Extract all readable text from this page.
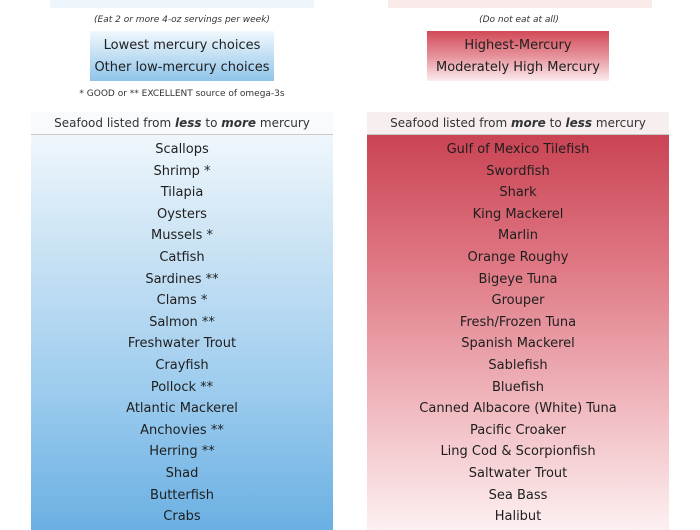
(Eat 2 or more 4-oz servings per week)	(Do not eat at all)
Lowest mercury choices
Other low-mercury choices
Highest-Mercury
Moderately High Mercury
* GOOD or ** EXCELLENT source of omega-3s
Seafood listed from less to more mercury
Scallops
Shrimp *
Tilapia
Oysters
Mussels *
Catfish
Sardines **
Clams *
Salmon **
Freshwater Trout
Crayfish
Pollock **
Atlantic Mackerel
Anchovies **
Herring **
Shad
Butterfish
Crabs
Seafood listed from more to less mercury
Gulf of Mexico Tilefish
Swordfish
Shark
King Mackerel
Marlin
Orange Roughy
Bigeye Tuna
Grouper
Fresh/Frozen Tuna
Spanish Mackerel
Sablefish
Bluefish
Canned Albacore (White) Tuna
Pacific Croaker
Ling Cod & Scorpionfish
Saltwater Trout
Sea Bass
Halibut
